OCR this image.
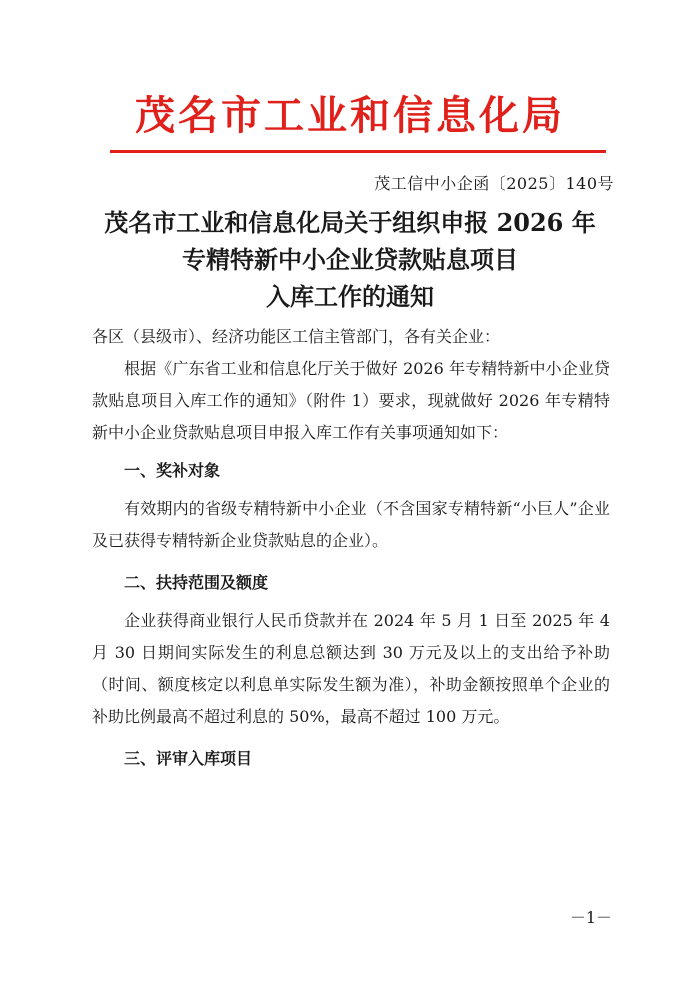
茂名市工业和信息化局
茂工信中小企函〔2025〕140号
茂名市工业和信息化局关于组织申报 2026 年
专精特新中小企业贷款贴息项目
入库工作的通知

各区（县级市）、经济功能区工信主管部门，各有关企业：

根据《广东省工业和信息化厅关于做好 2026 年专精特新中小企业贷款贴息项目入库工作的通知》（附件 1）要求，现就做好 2026 年专精特新中小企业贷款贴息项目申报入库工作有关事项通知如下：

一、奖补对象

有效期内的省级专精特新中小企业（不含国家专精特新“小巨人”企业及已获得专精特新企业贷款贴息的企业）。

二、扶持范围及额度

企业获得商业银行人民币贷款并在 2024 年 5 月 1 日至 2025 年 4 月 30 日期间实际发生的利息总额达到 30 万元及以上的支出给予补助（时间、额度核定以利息单实际发生额为准），补助金额按照单个企业的补助比例最高不超过利息的 50%，最高不超过 100 万元。

三、评审入库项目

－1－
